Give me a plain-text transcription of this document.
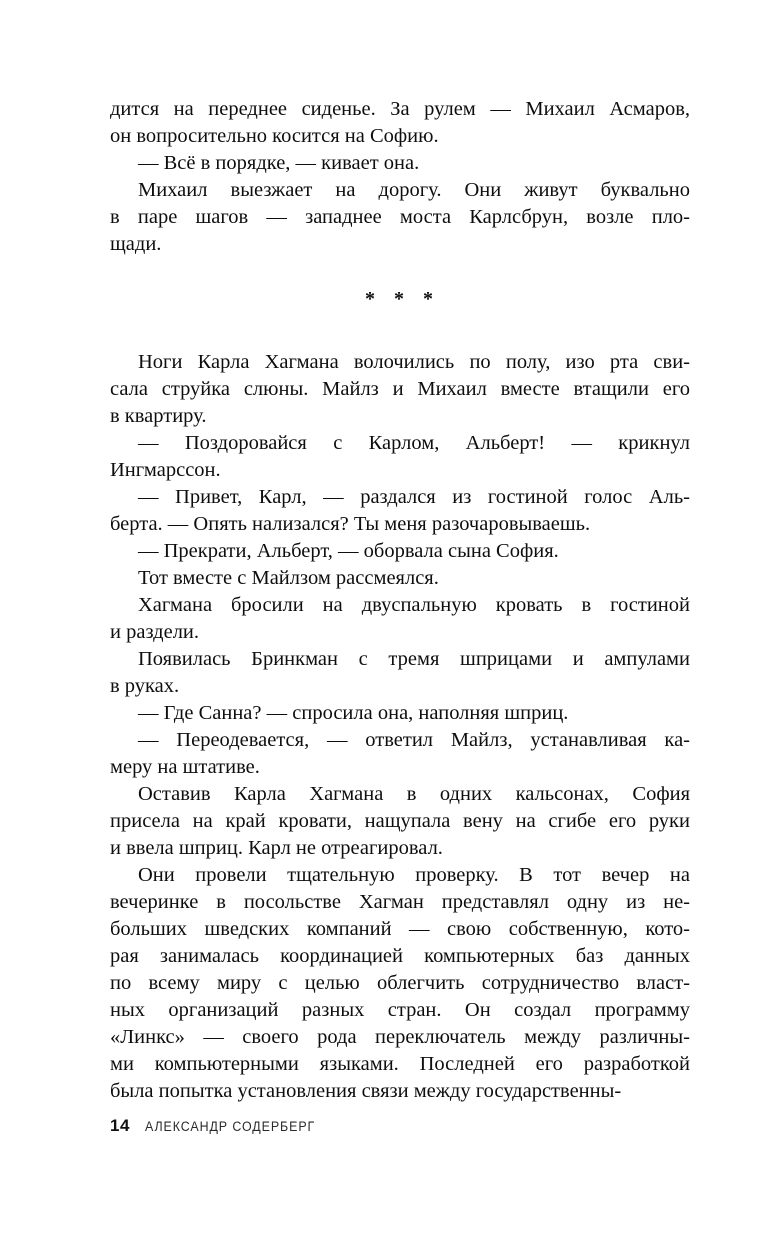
дится на переднее сиденье. За рулем — Михаил Асмаров,
он вопросительно косится на Софию.
— Всё в порядке, — кивает она.
Михаил выезжает на дорогу. Они живут буквально
в паре шагов — западнее моста Карлсбрун, возле пло-
щади.
* * *
Ноги Карла Хагмана волочились по полу, изо рта сви-
сала струйка слюны. Майлз и Михаил вместе втащили его
в квартиру.
— Поздоровайся с Карлом, Альберт! — крикнул
Ингмарссон.
— Привет, Карл, — раздался из гостиной голос Аль-
берта. — Опять нализался? Ты меня разочаровываешь.
— Прекрати, Альберт, — оборвала сына София.
Тот вместе с Майлзом рассмеялся.
Хагмана бросили на двуспальную кровать в гостиной
и раздели.
Появилась Бринкман с тремя шприцами и ампулами
в руках.
— Где Санна? — спросила она, наполняя шприц.
— Переодевается, — ответил Майлз, устанавливая ка-
меру на штативе.
Оставив Карла Хагмана в одних кальсонах, София
присела на край кровати, нащупала вену на сгибе его руки
и ввела шприц. Карл не отреагировал.
Они провели тщательную проверку. В тот вечер на
вечеринке в посольстве Хагман представлял одну из не-
больших шведских компаний — свою собственную, кото-
рая занималась координацией компьютерных баз данных
по всему миру с целью облегчить сотрудничество власт-
ных организаций разных стран. Он создал программу
«Линкс» — своего рода переключатель между различны-
ми компьютерными языками. Последней его разработкой
была попытка установления связи между государственны-
14 АЛЕКСАНДР СОДЕРБЕРГ
